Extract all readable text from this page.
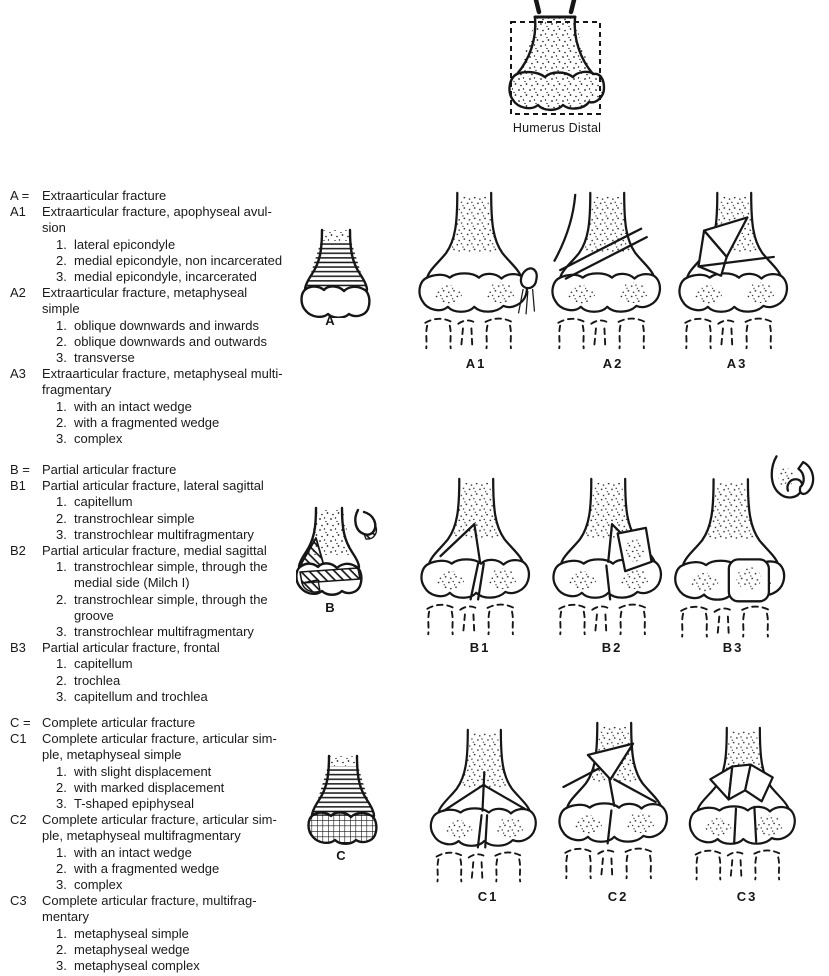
A = Extraarticular fracture
A1	Extraarticular fracture, apophyseal avul-
sion
1. lateral epicondyle
2. medial epicondyle, non incarcerated
3. medial epicondyle, incarcerated
A2	Extraarticular fracture, metaphyseal
simple
1. oblique downwards and inwards
2. oblique downwards and outwards
3. transverse
A3	Extraarticular fracture, metaphyseal multi-
fragmentary
1. with an intact wedge
2. with a fragmented wedge
3. complex
B = Partial articular fracture
B1	Partial articular fracture, lateral sagittal
1. capitellum
2. transtrochlear simple
3. transtrochlear multifragmentary
B2	Partial articular fracture, medial sagittal
1. transtrochlear simple, through the
medial side (Milch I)
2. transtrochlear simple, through the
groove
3. transtrochlear multifragmentary
B3	Partial articular fracture, frontal
1. capitellum
2. trochlea
3. capitellum and trochlea
C = Complete articular fracture
C1	Complete articular fracture, articular sim-
ple, metaphyseal simple
1. with slight displacement
2. with marked displacement
3. T-shaped epiphyseal
C2	Complete articular fracture, articular sim-
ple, metaphyseal multifragmentary
1. with an intact wedge
2. with a fragmented wedge
3. complex
C3	Complete articular fracture, multifrag-
mentary
1. metaphyseal simple
2. metaphyseal wedge
3. metaphyseal complex
Humerus Distal
A
A1	A2	A3
B
B1	B2	B3
C
C1	C2	C3
